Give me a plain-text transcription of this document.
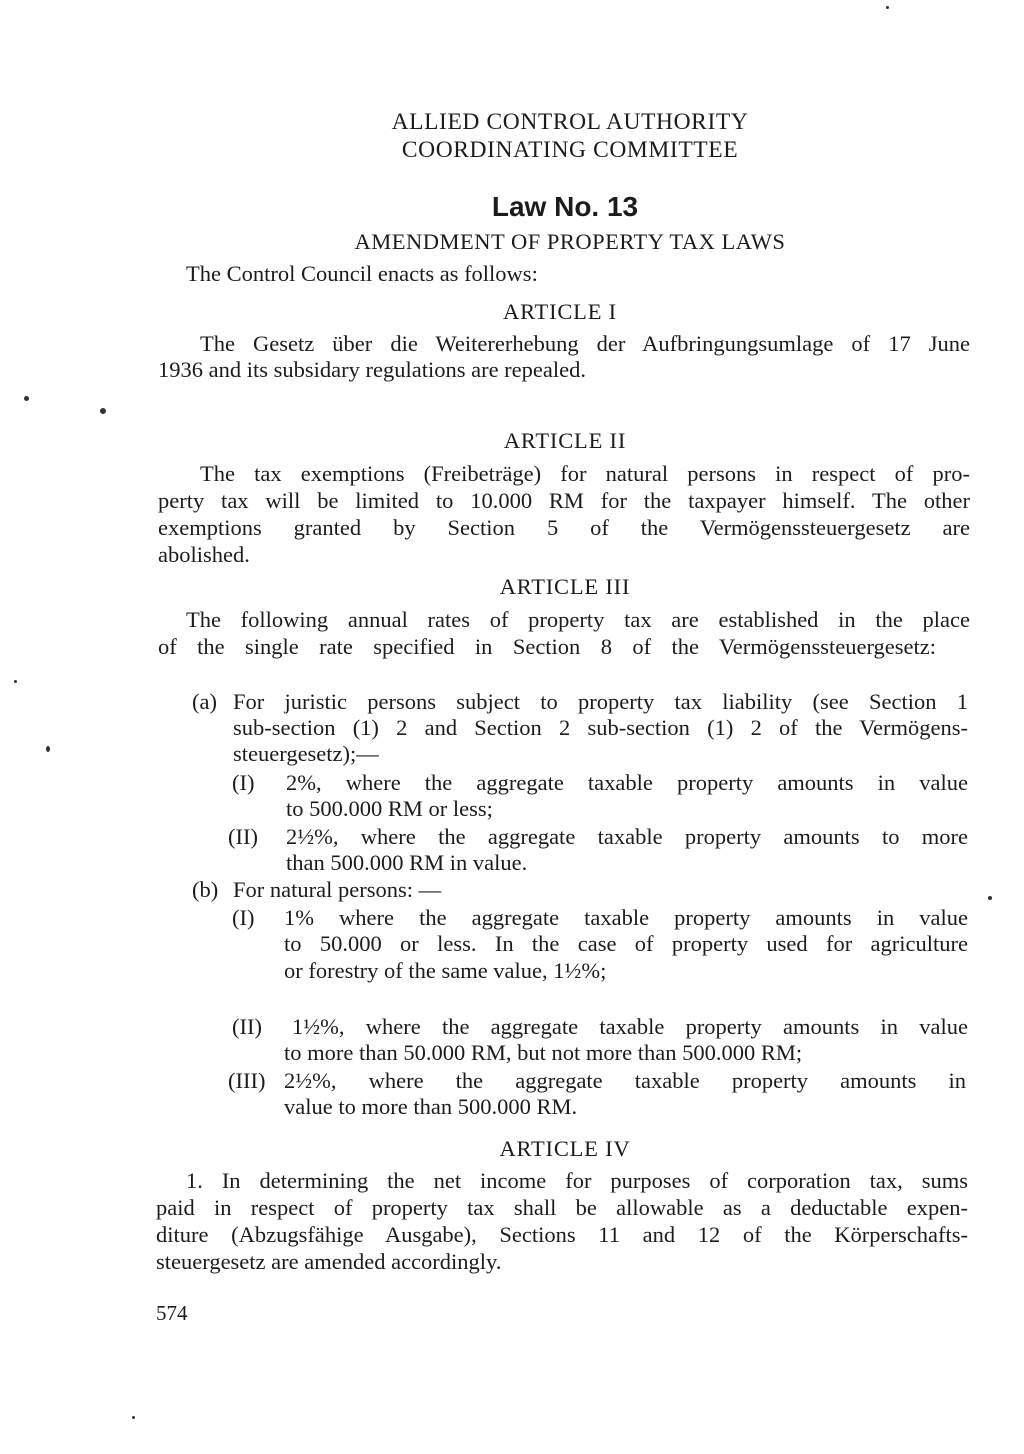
ALLIED CONTROL AUTHORITY
COORDINATING COMMITTEE
Law No. 13
AMENDMENT OF PROPERTY TAX LAWS
The Control Council enacts as follows:
ARTICLE I
The Gesetz über die Weitererhebung der Aufbringungsumlage of 17 June
1936 and its subsidary regulations are repealed.
ARTICLE II
The tax exemptions (Freibeträge) for natural persons in respect of pro-
perty tax will be limited to 10.000 RM for the taxpayer himself. The other
exemptions granted by Section 5 of the Vermögenssteuergesetz are
abolished.
ARTICLE III
The following annual rates of property tax are established in the place
of the single rate specified in Section 8 of the Vermögenssteuergesetz:
(a) For juristic persons subject to property tax liability (see Section 1
sub-section (1) 2 and Section 2 sub-section (1) 2 of the Vermögens-
steuergesetz);—
(I) 2%, where the aggregate taxable property amounts in value
to 500.000 RM or less;
(II) 2½%, where the aggregate taxable property amounts to more
than 500.000 RM in value.
(b) For natural persons: —
(I) 1% where the aggregate taxable property amounts in value
to 50.000 or less. In the case of property used for agriculture
or forestry of the same value, 1½%;
(II) 1½%, where the aggregate taxable property amounts in value
to more than 50.000 RM, but not more than 500.000 RM;
(III) 2½%, where the aggregate taxable property amounts in
value to more than 500.000 RM.
ARTICLE IV
1. In determining the net income for purposes of corporation tax, sums
paid in respect of property tax shall be allowable as a deductable expen-
diture (Abzugsfähige Ausgabe), Sections 11 and 12 of the Körperschafts-
steuergesetz are amended accordingly.
574
